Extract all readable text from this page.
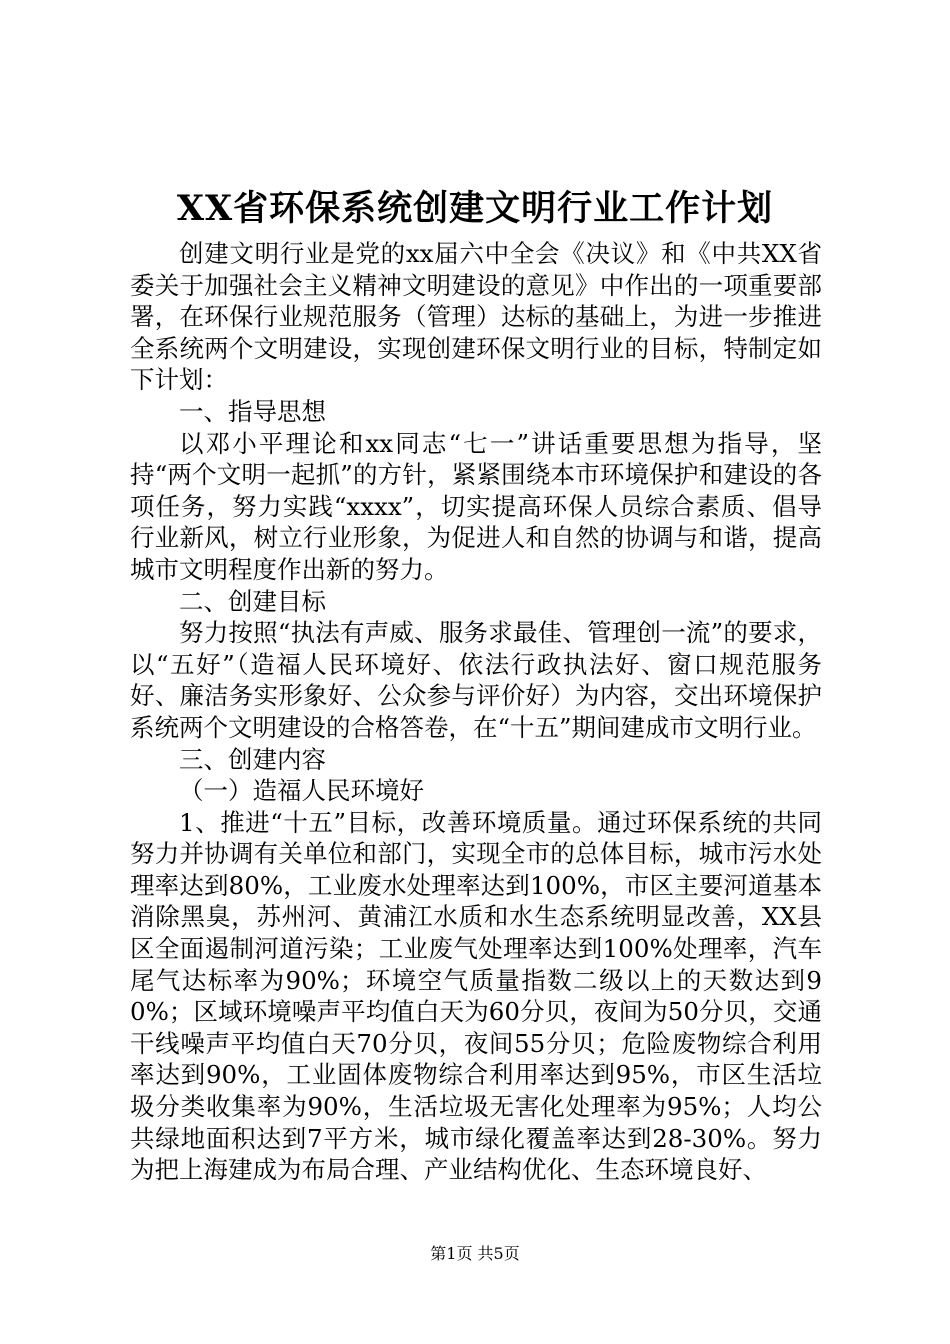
XX省环保系统创建文明行业工作计划

创建文明行业是党的xx届六中全会《决议》和《中共XX省委关于加强社会主义精神文明建设的意见》中作出的一项重要部署，在环保行业规范服务（管理）达标的基础上，为进一步推进全系统两个文明建设，实现创建环保文明行业的目标，特制定如下计划：

一、指导思想

以邓小平理论和xx同志“七一”讲话重要思想为指导，坚持“两个文明一起抓”的方针，紧紧围绕本市环境保护和建设的各项任务，努力实践“xxxx”，切实提高环保人员综合素质、倡导行业新风，树立行业形象，为促进人和自然的协调与和谐，提高城市文明程度作出新的努力。

二、创建目标

努力按照“执法有声威、服务求最佳、管理创一流”的要求，以“五好”（造福人民环境好、依法行政执法好、窗口规范服务好、廉洁务实形象好、公众参与评价好）为内容，交出环境保护系统两个文明建设的合格答卷，在“十五”期间建成市文明行业。

三、创建内容

（一）造福人民环境好

1、推进“十五”目标，改善环境质量。通过环保系统的共同努力并协调有关单位和部门，实现全市的总体目标，城市污水处理率达到80%，工业废水处理率达到100%，市区主要河道基本消除黑臭，苏州河、黄浦江水质和水生态系统明显改善，XX县区全面遏制河道污染；工业废气处理率达到100%处理率，汽车尾气达标率为90%；环境空气质量指数二级以上的天数达到90%；区域环境噪声平均值白天为60分贝，夜间为50分贝，交通干线噪声平均值白天70分贝，夜间55分贝；危险废物综合利用率达到90%，工业固体废物综合利用率达到95%，市区生活垃圾分类收集率为90%，生活垃圾无害化处理率为95%；人均公共绿地面积达到7平方米，城市绿化覆盖率达到28-30%。努力为把上海建成为布局合理、产业结构优化、生态环境良好、

第1页 共5页
